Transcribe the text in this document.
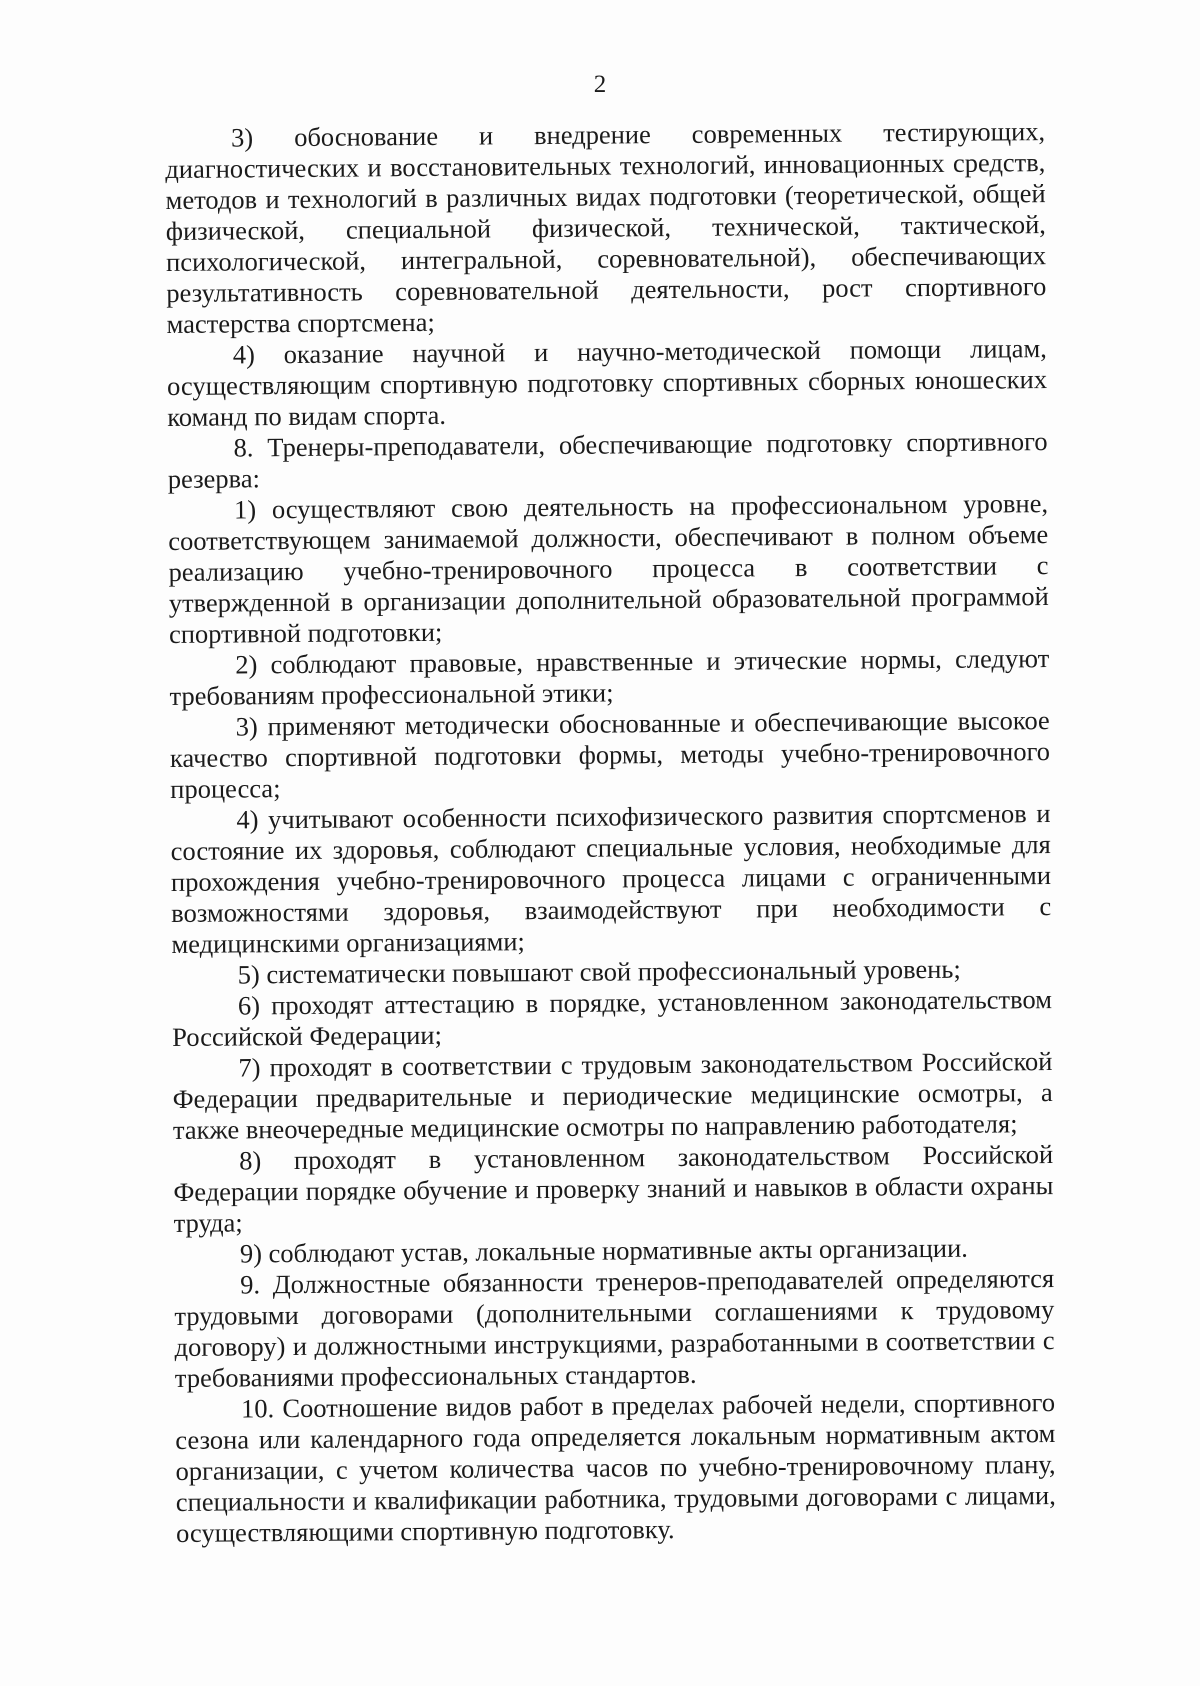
2

3) обоснование и внедрение современных тестирующих, диагностических и восстановительных технологий, инновационных средств, методов и технологий в различных видах подготовки (теоретической, общей физической, специальной физической, технической, тактической, психологической, интегральной, соревновательной), обеспечивающих результативность соревновательной деятельности, рост спортивного мастерства спортсмена;

4) оказание научной и научно-методической помощи лицам, осуществляющим спортивную подготовку спортивных сборных юношеских команд по видам спорта.

8. Тренеры-преподаватели, обеспечивающие подготовку спортивного резерва:

1) осуществляют свою деятельность на профессиональном уровне, соответствующем занимаемой должности, обеспечивают в полном объеме реализацию учебно-тренировочного процесса в соответствии с утвержденной в организации дополнительной образовательной программой спортивной подготовки;

2) соблюдают правовые, нравственные и этические нормы, следуют требованиям профессиональной этики;

3) применяют методически обоснованные и обеспечивающие высокое качество спортивной подготовки формы, методы учебно-тренировочного процесса;

4) учитывают особенности психофизического развития спортсменов и состояние их здоровья, соблюдают специальные условия, необходимые для прохождения учебно-тренировочного процесса лицами с ограниченными возможностями здоровья, взаимодействуют при необходимости с медицинскими организациями;

5) систематически повышают свой профессиональный уровень;

6) проходят аттестацию в порядке, установленном законодательством Российской Федерации;

7) проходят в соответствии с трудовым законодательством Российской Федерации предварительные и периодические медицинские осмотры, а также внеочередные медицинские осмотры по направлению работодателя;

8) проходят в установленном законодательством Российской Федерации порядке обучение и проверку знаний и навыков в области охраны труда;

9) соблюдают устав, локальные нормативные акты организации.

9. Должностные обязанности тренеров-преподавателей определяются трудовыми договорами (дополнительными соглашениями к трудовому договору) и должностными инструкциями, разработанными в соответствии с требованиями профессиональных стандартов.

10. Соотношение видов работ в пределах рабочей недели, спортивного сезона или календарного года определяется локальным нормативным актом организации, с учетом количества часов по учебно-тренировочному плану, специальности и квалификации работника, трудовыми договорами с лицами, осуществляющими спортивную подготовку.
